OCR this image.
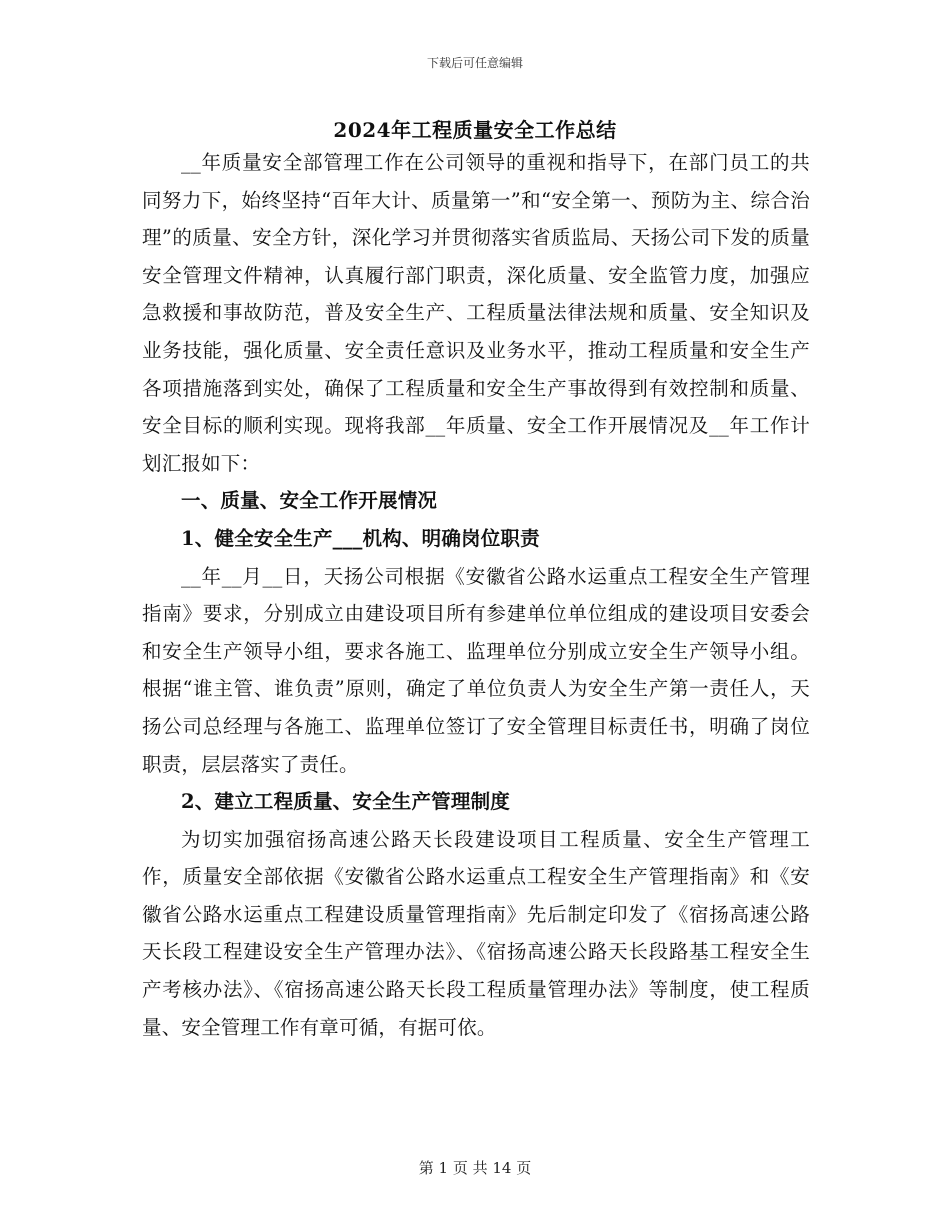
下载后可任意编辑
2024年工程质量安全工作总结

__年质量安全部管理工作在公司领导的重视和指导下，在部门员工的共同努力下，始终坚持“百年大计、质量第一”和“安全第一、预防为主、综合治理”的质量、安全方针，深化学习并贯彻落实省质监局、天扬公司下发的质量安全管理文件精神，认真履行部门职责，深化质量、安全监管力度，加强应急救援和事故防范，普及安全生产、工程质量法律法规和质量、安全知识及业务技能，强化质量、安全责任意识及业务水平，推动工程质量和安全生产各项措施落到实处，确保了工程质量和安全生产事故得到有效控制和质量、安全目标的顺利实现。现将我部__年质量、安全工作开展情况及__年工作计划汇报如下：

一、质量、安全工作开展情况

1、健全安全生产___机构、明确岗位职责

__年__月__日，天扬公司根据《安徽省公路水运重点工程安全生产管理指南》要求，分别成立由建设项目所有参建单位单位组成的建设项目安委会和安全生产领导小组，要求各施工、监理单位分别成立安全生产领导小组。根据“谁主管、谁负责”原则，确定了单位负责人为安全生产第一责任人，天扬公司总经理与各施工、监理单位签订了安全管理目标责任书，明确了岗位职责，层层落实了责任。

2、建立工程质量、安全生产管理制度

为切实加强宿扬高速公路天长段建设项目工程质量、安全生产管理工作，质量安全部依据《安徽省公路水运重点工程安全生产管理指南》和《安徽省公路水运重点工程建设质量管理指南》先后制定印发了《宿扬高速公路天长段工程建设安全生产管理办法》、《宿扬高速公路天长段路基工程安全生产考核办法》、《宿扬高速公路天长段工程质量管理办法》等制度，使工程质量、安全管理工作有章可循，有据可依。

第 1 页 共 14 页
